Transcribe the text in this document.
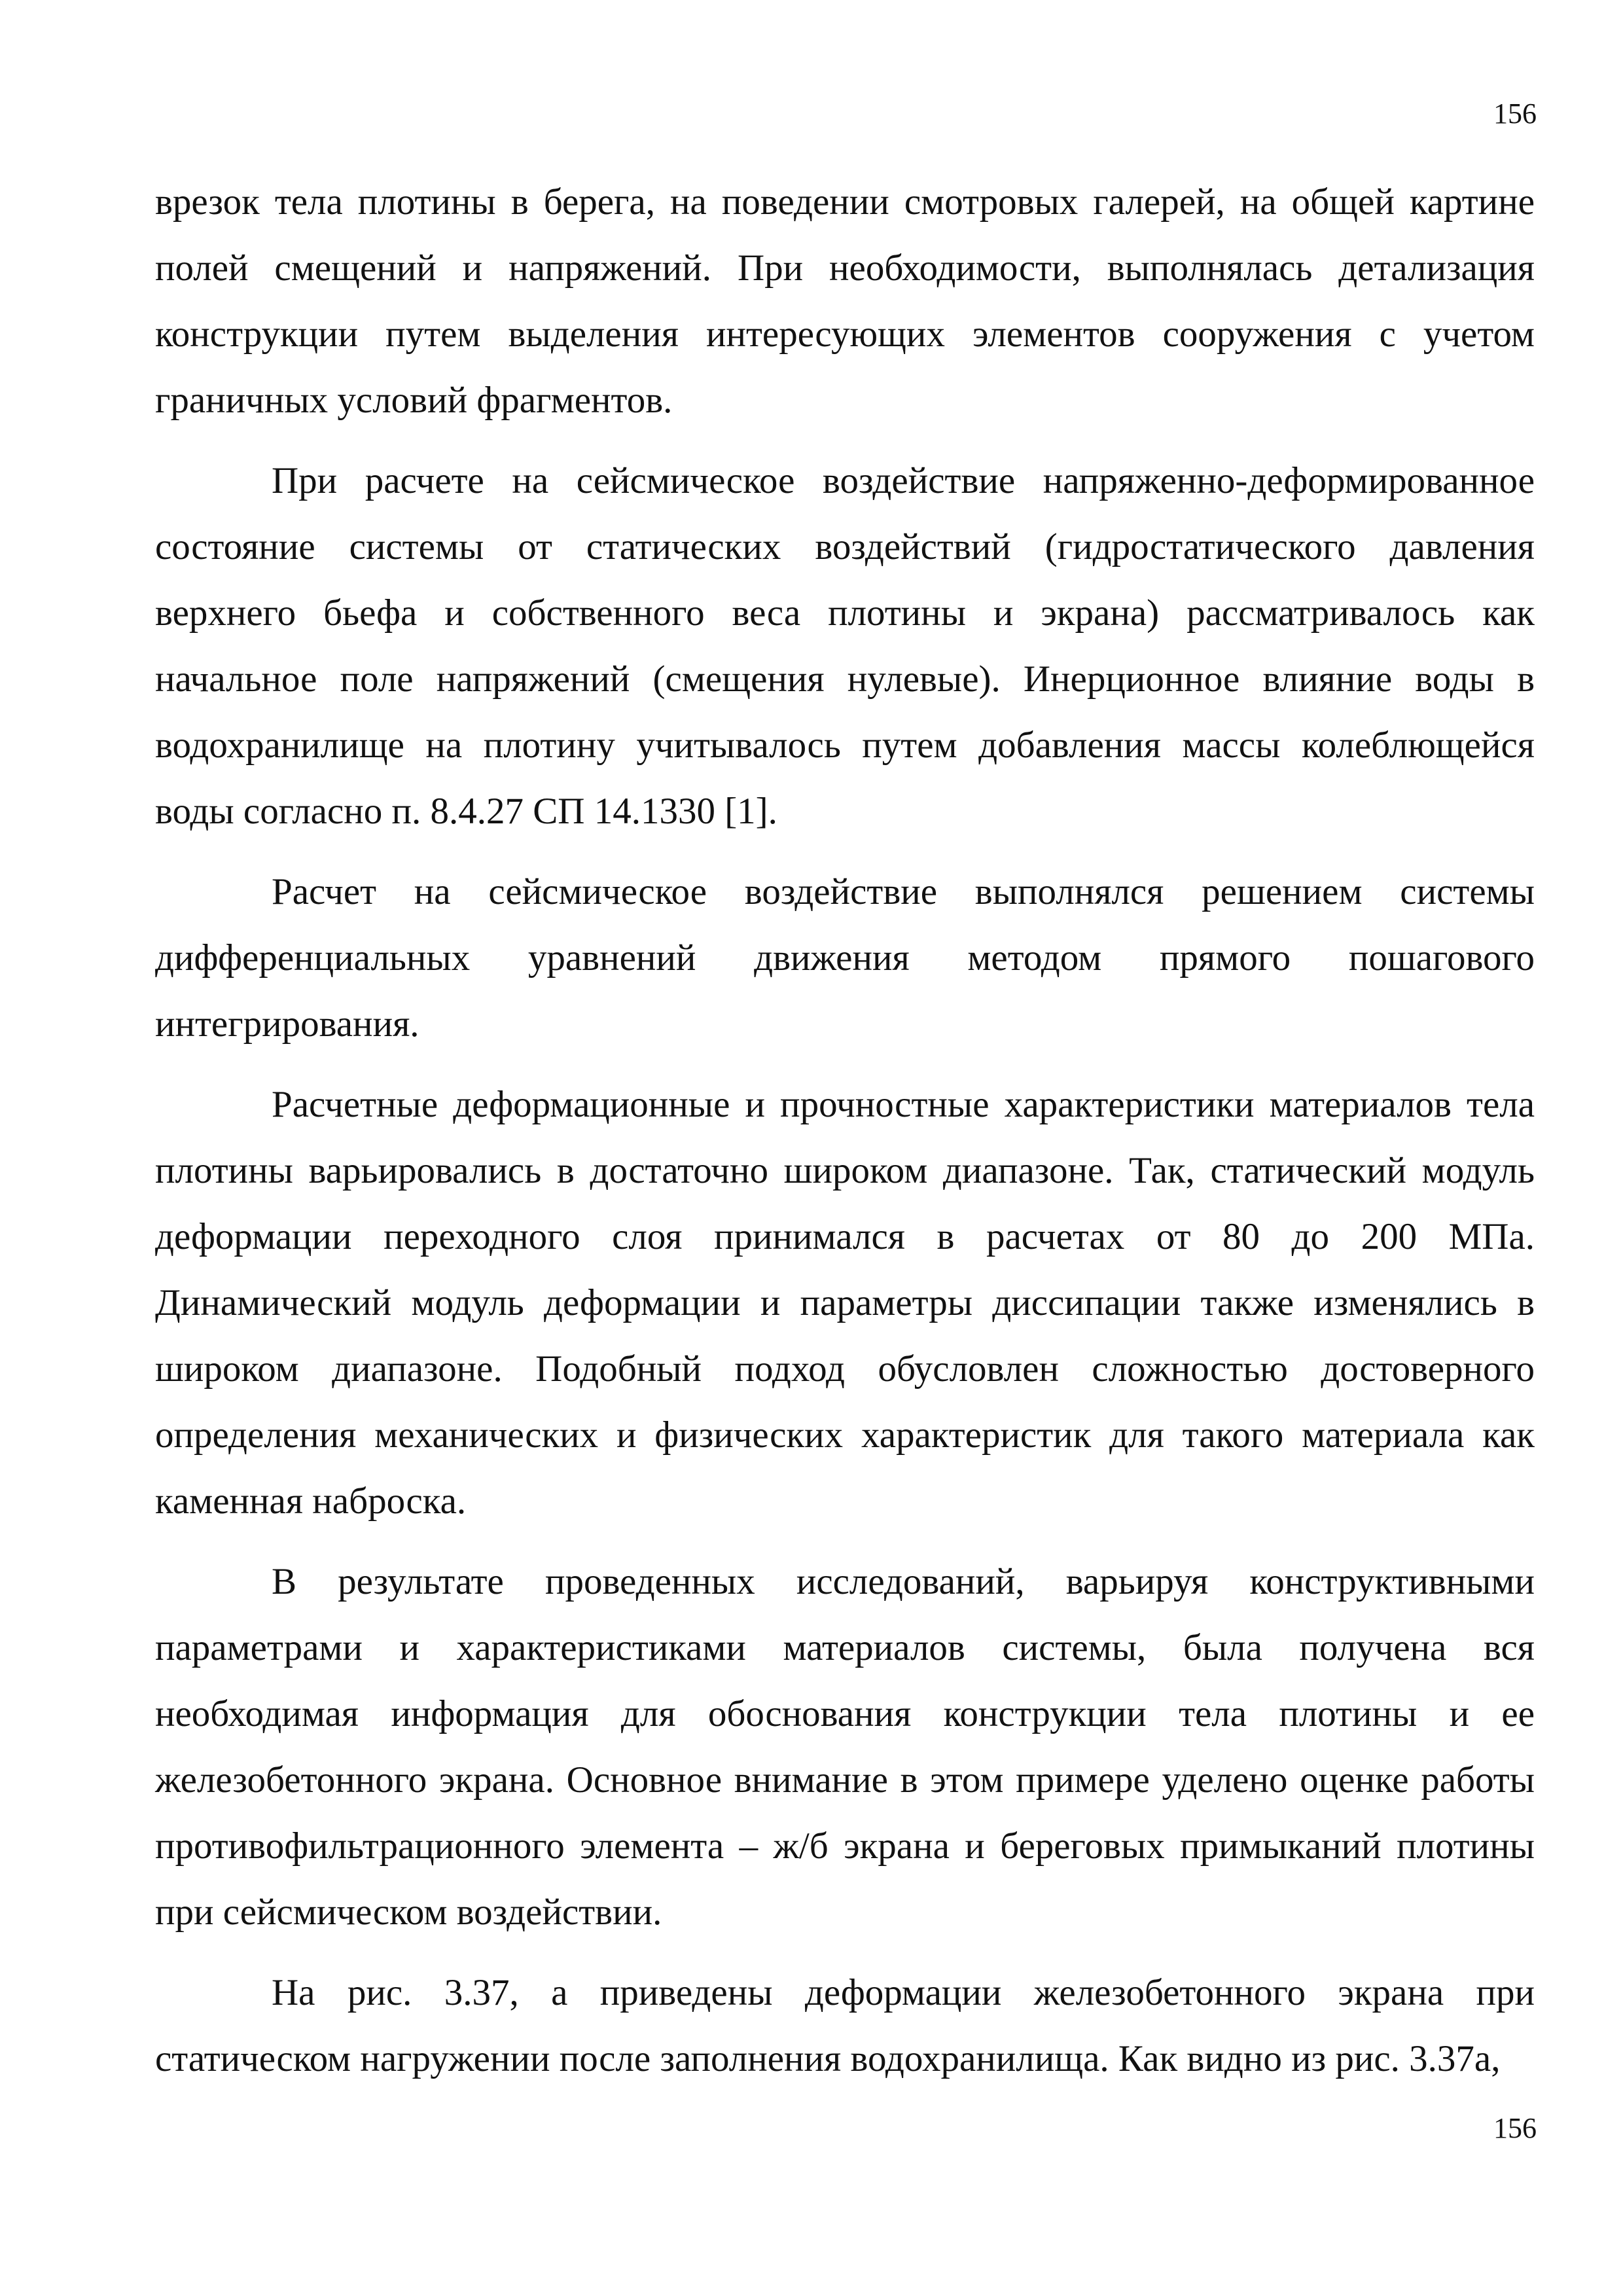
156

врезок тела плотины в берега, на поведении смотровых галерей, на общей картине полей смещений и напряжений. При необходимости, выполнялась детализация конструкции путем выделения интересующих элементов сооружения с учетом граничных условий фрагментов.

При расчете на сейсмическое воздействие напряженно-деформированное состояние системы от статических воздействий (гидростатического давления верхнего бьефа и собственного веса плотины и экрана) рассматривалось как начальное поле напряжений (смещения нулевые). Инерционное влияние воды в водохранилище на плотину учитывалось путем добавления массы колеблющейся воды согласно п. 8.4.27 СП 14.1330 [1].

Расчет на сейсмическое воздействие выполнялся решением системы дифференциальных уравнений движения методом прямого пошагового интегрирования.

Расчетные деформационные и прочностные характеристики материалов тела плотины варьировались в достаточно широком диапазоне. Так, статический модуль деформации переходного слоя принимался в расчетах от 80 до 200 МПа. Динамический модуль деформации и параметры диссипации также изменялись в широком диапазоне. Подобный подход обусловлен сложностью достоверного определения механических и физических характеристик для такого материала как каменная наброска.

В результате проведенных исследований, варьируя конструктивными параметрами и характеристиками материалов системы, была получена вся необходимая информация для обоснования конструкции тела плотины и ее железобетонного экрана. Основное внимание в этом примере уделено оценке работы противофильтрационного элемента – ж/б экрана и береговых примыканий плотины при сейсмическом воздействии.

На рис. 3.37, а приведены деформации железобетонного экрана при статическом нагружении после заполнения водохранилища. Как видно из рис. 3.37а,

156
